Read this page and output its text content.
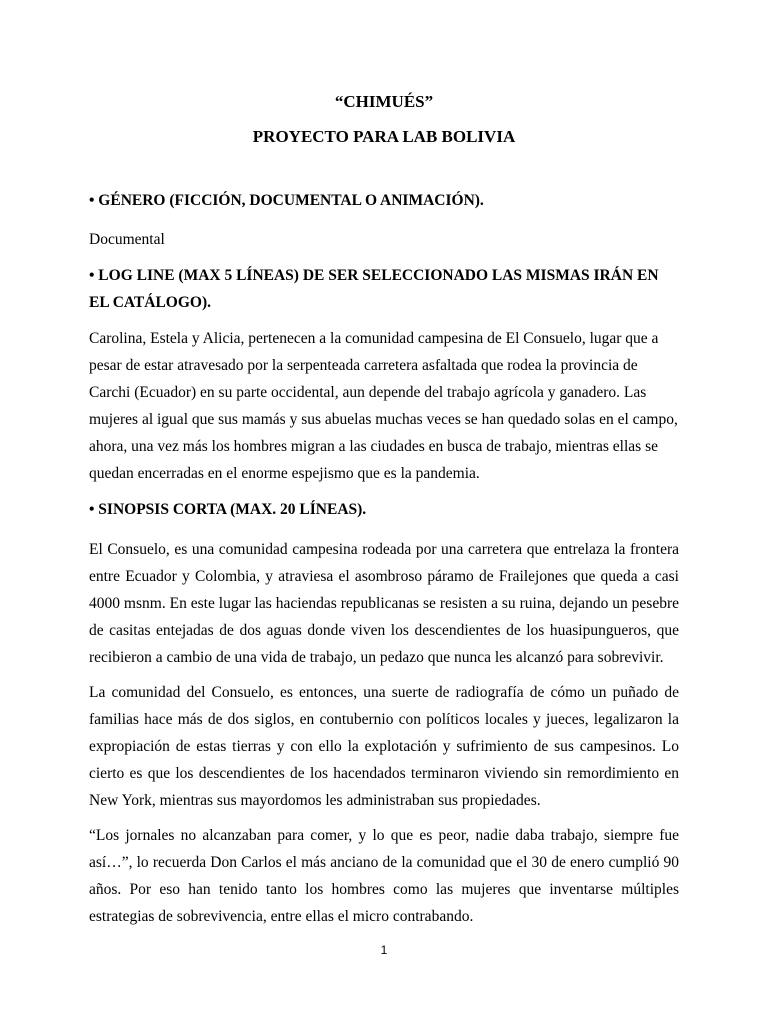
“CHIMUÉS”

PROYECTO PARA LAB BOLIVIA

• GÉNERO (FICCIÓN, DOCUMENTAL O ANIMACIÓN).

Documental

• LOG LINE (MAX 5 LÍNEAS) DE SER SELECCIONADO LAS MISMAS IRÁN EN EL CATÁLOGO).

Carolina, Estela y Alicia, pertenecen a la comunidad campesina de El Consuelo, lugar que a pesar de estar atravesado por la serpenteada carretera asfaltada que rodea la provincia de Carchi (Ecuador) en su parte occidental, aun depende del trabajo agrícola y ganadero. Las mujeres al igual que sus mamás y sus abuelas muchas veces se han quedado solas en el campo, ahora, una vez más los hombres migran a las ciudades en busca de trabajo, mientras ellas se quedan encerradas en el enorme espejismo que es la pandemia.

• SINOPSIS CORTA (MAX. 20 LÍNEAS).

El Consuelo, es una comunidad campesina rodeada por una carretera que entrelaza la frontera entre Ecuador y Colombia, y atraviesa el asombroso páramo de Frailejones que queda a casi 4000 msnm. En este lugar las haciendas republicanas se resisten a su ruina, dejando un pesebre de casitas entejadas de dos aguas donde viven los descendientes de los huasipungueros, que recibieron a cambio de una vida de trabajo, un pedazo que nunca les alcanzó para sobrevivir.

La comunidad del Consuelo, es entonces, una suerte de radiografía de cómo un puñado de familias hace más de dos siglos, en contubernio con políticos locales y jueces, legalizaron la expropiación de estas tierras y con ello la explotación y sufrimiento de sus campesinos. Lo cierto es que los descendientes de los hacendados terminaron viviendo sin remordimiento en New York, mientras sus mayordomos les administraban sus propiedades.

“Los jornales no alcanzaban para comer, y lo que es peor, nadie daba trabajo, siempre fue así…”, lo recuerda Don Carlos el más anciano de la comunidad que el 30 de enero cumplió 90 años. Por eso han tenido tanto los hombres como las mujeres que inventarse múltiples estrategias de sobrevivencia, entre ellas el micro contrabando.

1
